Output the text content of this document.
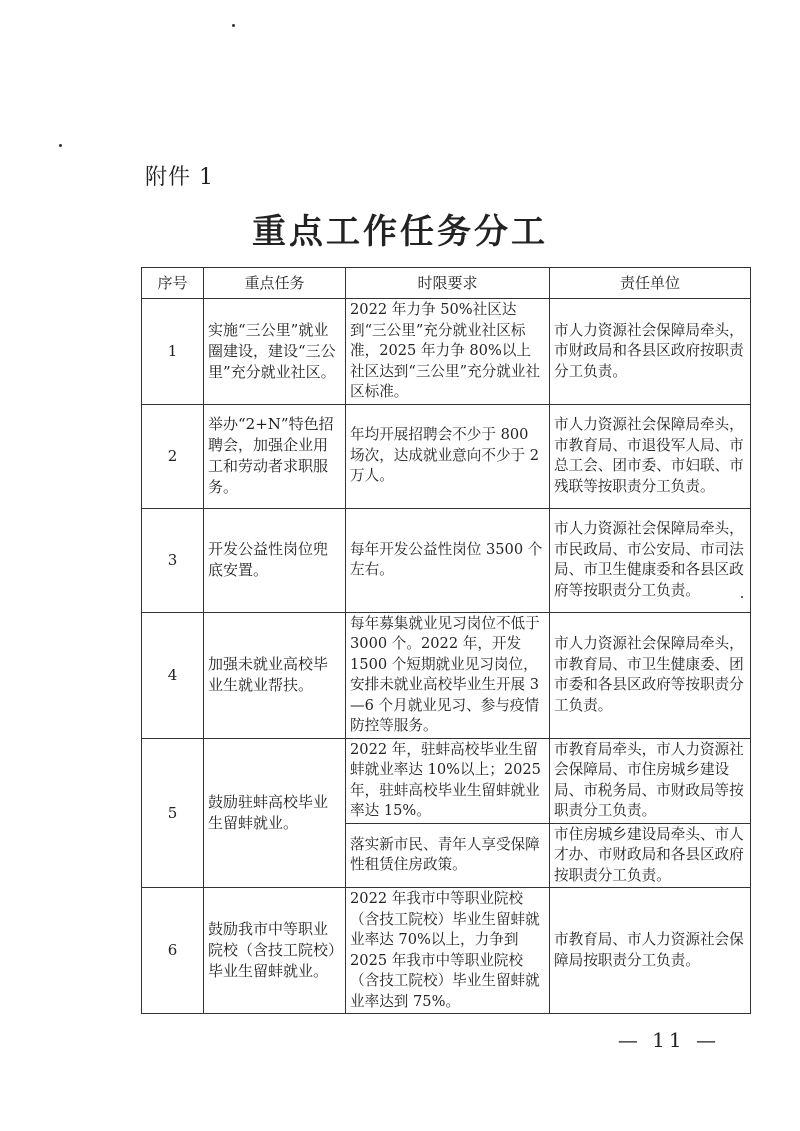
附件 1
重点工作任务分工
序号	重点任务	时限要求	责任单位
1	实施“三公里”就业圈建设，建设“三公里”充分就业社区。	2022 年力争 50%社区达到“三公里”充分就业社区标准，2025 年力争 80%以上社区达到“三公里”充分就业社区标准。	市人力资源社会保障局牵头，市财政局和各县区政府按职责分工负责。
2	举办“2+N”特色招聘会，加强企业用工和劳动者求职服务。	年均开展招聘会不少于 800 场次，达成就业意向不少于 2 万人。	市人力资源社会保障局牵头，市教育局、市退役军人局、市总工会、团市委、市妇联、市残联等按职责分工负责。
3	开发公益性岗位兜底安置。	每年开发公益性岗位 3500 个左右。	市人力资源社会保障局牵头，市民政局、市公安局、市司法局、市卫生健康委和各县区政府等按职责分工负责。
4	加强未就业高校毕业生就业帮扶。	每年募集就业见习岗位不低于 3000 个。2022 年，开发 1500 个短期就业见习岗位，安排未就业高校毕业生开展 3—6 个月就业见习、参与疫情防控等服务。	市人力资源社会保障局牵头，市教育局、市卫生健康委、团市委和各县区政府等按职责分工负责。
5	鼓励驻蚌高校毕业生留蚌就业。	2022 年，驻蚌高校毕业生留蚌就业率达 10%以上；2025 年，驻蚌高校毕业生留蚌就业率达 15%。	市教育局牵头，市人力资源社会保障局、市住房城乡建设局、市税务局、市财政局等按职责分工负责。
		落实新市民、青年人享受保障性租赁住房政策。	市住房城乡建设局牵头、市人才办、市财政局和各县区政府按职责分工负责。
6	鼓励我市中等职业院校（含技工院校）毕业生留蚌就业。	2022 年我市中等职业院校（含技工院校）毕业生留蚌就业率达 70%以上，力争到 2025 年我市中等职业院校（含技工院校）毕业生留蚌就业率达到 75%。	市教育局、市人力资源社会保障局按职责分工负责。
— 11 —
